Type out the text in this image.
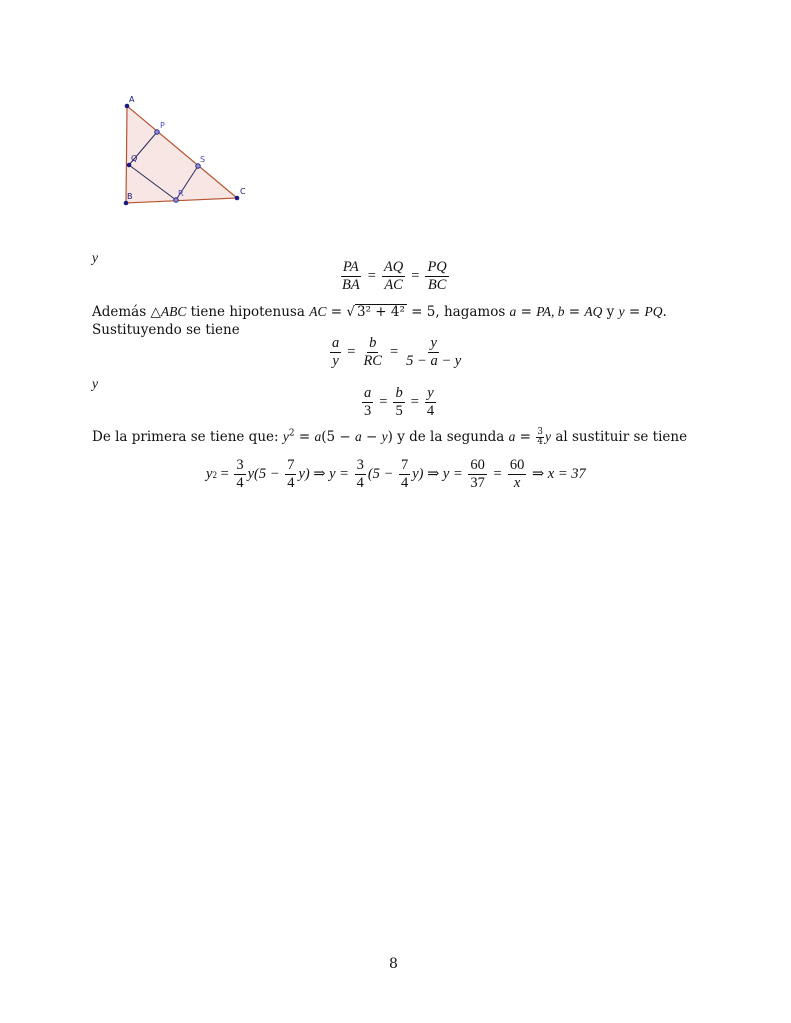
A
P
Q	S
B	R	C
y
$\frac{PA}{BA} = \frac{AQ}{AC} = \frac{PQ}{BC}$
Además △ABC tiene hipotenusa AC = √ 3² + 4² = 5, hagamos a = PA, b = AQ y y = PQ.
Sustituyendo se tiene
$\frac{a}{y} = \frac{b}{RC} = \frac{y}{5 - a - y}$
y
$\frac{a}{3} = \frac{b}{5} = \frac{y}{4}$
De la primera se tiene que: $y^2 = a(5 - a - y)$ y de la segunda $a = \frac{3}{4}$ y al sustituir se tiene
y $2 = \frac{3}{4} y(5 - \frac{7}{4} y)$ ⇒ $y = \frac{3}{4} (5 - \frac{7}{4} y)$ ⇒ $y = \frac{60}{37} = \frac{60}{x}$ ⇒ x = 37
8
